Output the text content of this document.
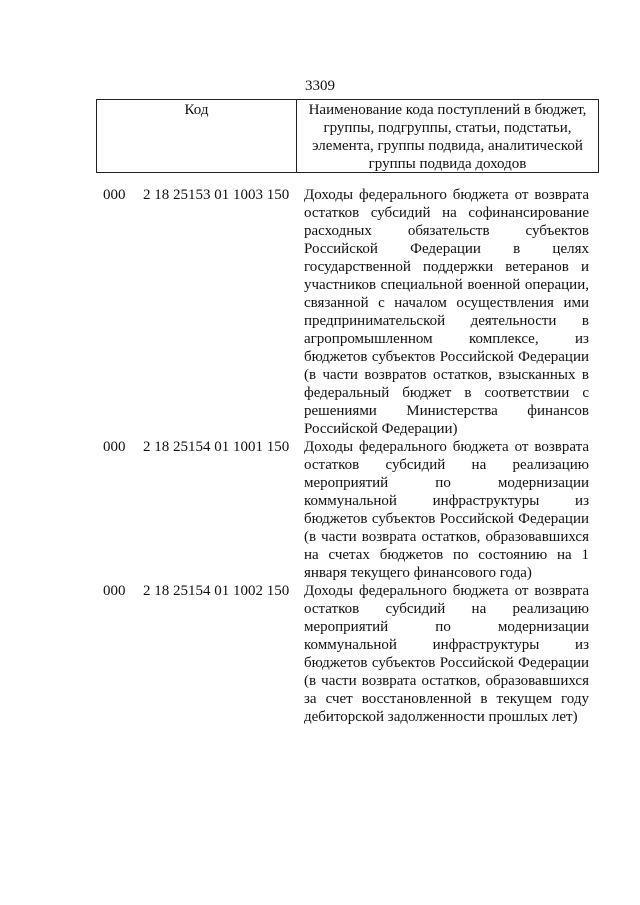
3309
Код	Наименование кода поступлений в бюджет, группы, подгруппы, статьи, подстатьи, элемента, группы подвида, аналитической группы подвида доходов
000 2 18 25153 01 1003 150 Доходы федерального бюджета от возврата остатков субсидий на софинансирование расходных обязательств субъектов Российской Федерации в целях государственной поддержки ветеранов и участников специальной военной операции, связанной с началом осуществления ими предпринимательской деятельности в агропромышленном комплексе, из бюджетов субъектов Российской Федерации (в части возвратов остатков, взысканных в федеральный бюджет в соответствии с решениями Министерства финансов Российской Федерации)
000 2 18 25154 01 1001 150 Доходы федерального бюджета от возврата остатков субсидий на реализацию мероприятий по модернизации коммунальной инфраструктуры из бюджетов субъектов Российской Федерации (в части возврата остатков, образовавшихся на счетах бюджетов по состоянию на 1 января текущего финансового года)
000 2 18 25154 01 1002 150 Доходы федерального бюджета от возврата остатков субсидий на реализацию мероприятий по модернизации коммунальной инфраструктуры из бюджетов субъектов Российской Федерации (в части возврата остатков, образовавшихся за счет восстановленной в текущем году дебиторской задолженности прошлых лет)
